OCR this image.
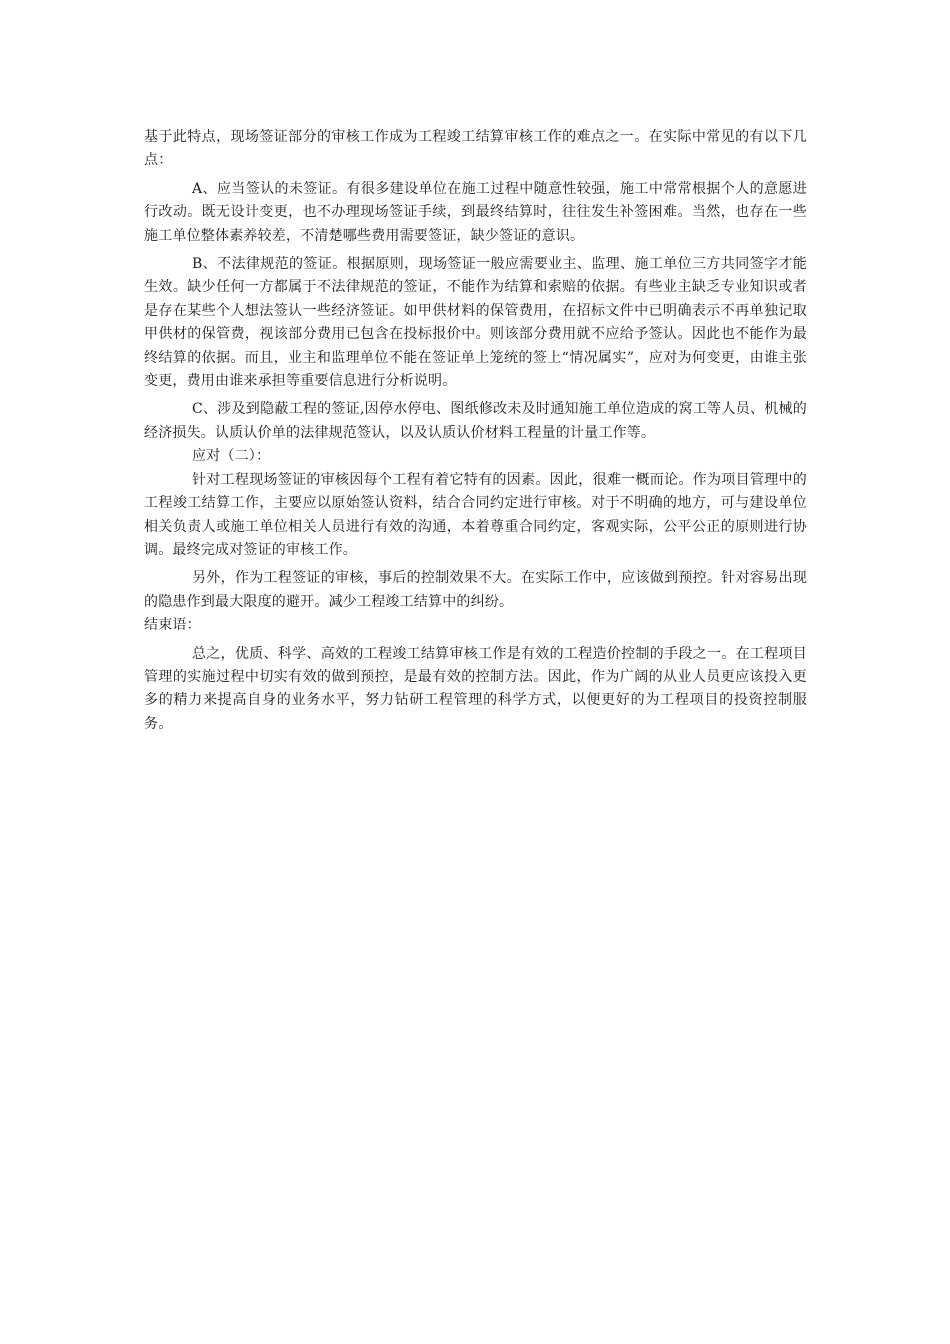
基于此特点，现场签证部分的审核工作成为工程竣工结算审核工作的难点之一。在实际中常见的有以下几点：

A、应当签认的未签证。有很多建设单位在施工过程中随意性较强，施工中常常根据个人的意愿进行改动。既无设计变更，也不办理现场签证手续，到最终结算时，往往发生补签困难。当然，也存在一些施工单位整体素养较差，不清楚哪些费用需要签证，缺少签证的意识。

B、不法律规范的签证。根据原则，现场签证一般应需要业主、监理、施工单位三方共同签字才能生效。缺少任何一方都属于不法律规范的签证，不能作为结算和索赔的依据。有些业主缺乏专业知识或者是存在某些个人想法签认一些经济签证。如甲供材料的保管费用，在招标文件中已明确表示不再单独记取甲供材的保管费，视该部分费用已包含在投标报价中。则该部分费用就不应给予签认。因此也不能作为最终结算的依据。而且，业主和监理单位不能在签证单上笼统的签上“情况属实”，应对为何变更，由谁主张变更，费用由谁来承担等重要信息进行分析说明。

C、涉及到隐蔽工程的签证,因停水停电、图纸修改未及时通知施工单位造成的窝工等人员、机械的经济损失。认质认价单的法律规范签认，以及认质认价材料工程量的计量工作等。

应对（二）：

针对工程现场签证的审核因每个工程有着它特有的因素。因此，很难一概而论。作为项目管理中的工程竣工结算工作，主要应以原始签认资料，结合合同约定进行审核。对于不明确的地方，可与建设单位相关负责人或施工单位相关人员进行有效的沟通，本着尊重合同约定，客观实际，公平公正的原则进行协调。最终完成对签证的审核工作。

另外，作为工程签证的审核，事后的控制效果不大。在实际工作中，应该做到预控。针对容易出现的隐患作到最大限度的避开。减少工程竣工结算中的纠纷。

结束语：

总之，优质、科学、高效的工程竣工结算审核工作是有效的工程造价控制的手段之一。在工程项目管理的实施过程中切实有效的做到预控，是最有效的控制方法。因此，作为广阔的从业人员更应该投入更多的精力来提高自身的业务水平，努力钻研工程管理的科学方式，以便更好的为工程项目的投资控制服务。
